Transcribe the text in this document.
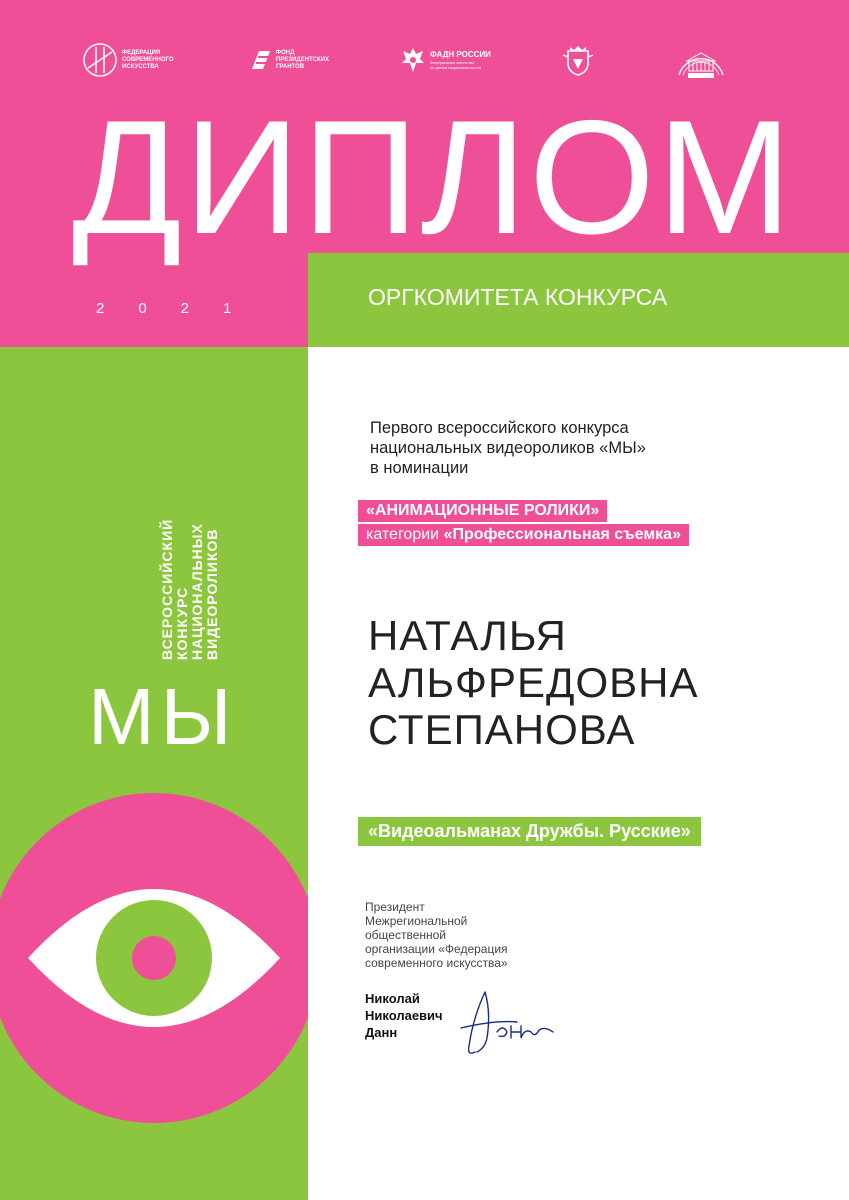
ФЕДЕРАЦИЯ
СОВРЕМЕННОГО
ИСКУССТВА
ФОНД
ПРЕЗИДЕНТСКИХ
ГРАНТОВ
ФАДН РОССИИ
Федеральное агентство
по делам национальностей
ДИПЛОМ
2021	ОРГКОМИТЕТА КОНКУРСА
ВСЕРОССИЙСКИЙ КОНКУРС НАЦИОНАЛЬНЫХ ВИДЕОРОЛИКОВ
МЫ
Первого всероссийского конкурса
национальных видеороликов «МЫ»
в номинации
«АНИМАЦИОННЫЕ РОЛИКИ»
категории «Профессиональная съемка»
НАТАЛЬЯ
АЛЬФРЕДОВНА
СТЕПАНОВА
«Видеоальманах Дружбы. Русские»
Президент
Межрегиональной
общественной
организации «Федерация
современного искусства»
Николай
Николаевич
Данн
